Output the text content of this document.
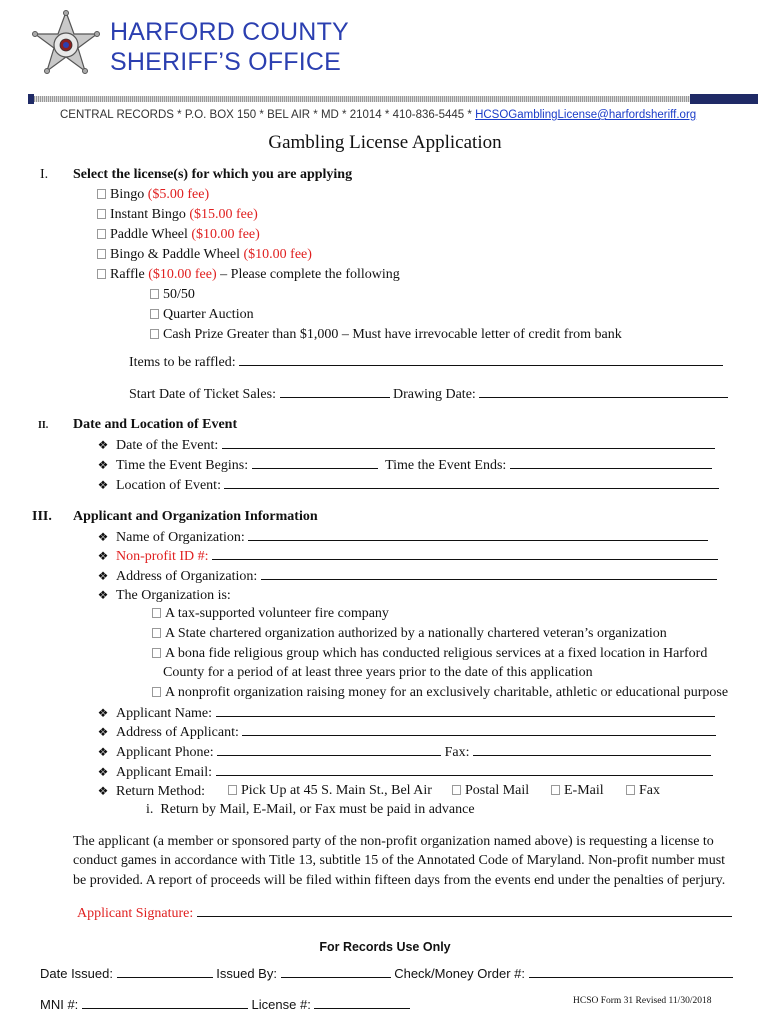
HARFORD COUNTY
SHERIFF’S OFFICE
CENTRAL RECORDS * P.O. BOX 150 * BEL AIR * MD * 21014 * 410-836-5445 * HCSOGamblingLicense@harfordsheriff.org
Gambling License Application
I. Select the license(s) for which you are applying
Bingo ($5.00 fee)
Instant Bingo ($15.00 fee)
Paddle Wheel ($10.00 fee)
Bingo & Paddle Wheel ($10.00 fee)
Raffle ($10.00 fee) – Please complete the following
50/50
Quarter Auction
Cash Prize Greater than $1,000 – Must have irrevocable letter of credit from bank
Items to be raffled:
Start Date of Ticket Sales:	Drawing Date:
II. Date and Location of Event
❖ Date of the Event:
❖ Time the Event Begins:	Time the Event Ends:
❖ Location of Event:
III. Applicant and Organization Information
❖ Name of Organization:
❖ Non-profit ID #:
❖ Address of Organization:
❖ The Organization is:
A tax-supported volunteer fire company
A State chartered organization authorized by a nationally chartered veteran’s organization
A bona fide religious group which has conducted religious services at a fixed location in Harford
County for a period of at least three years prior to the date of this application
A nonprofit organization raising money for an exclusively charitable, athletic or educational purpose
❖ Applicant Name:
❖ Address of Applicant:
❖ Applicant Phone:	Fax:
❖ Applicant Email:
❖ Return Method:	Pick Up at 45 S. Main St., Bel Air	Postal Mail	E-Mail	Fax
i. Return by Mail, E-Mail, or Fax must be paid in advance
The applicant (a member or sponsored party of the non-profit organization named above) is requesting a license to
conduct games in accordance with Title 13, subtitle 15 of the Annotated Code of Maryland. Non-profit number must
be provided. A report of proceeds will be filed within fifteen days from the events end under the penalties of perjury.
Applicant Signature:
For Records Use Only
Date Issued:	Issued By:	Check/Money Order #:
MNI #:	License #:	HCSO Form 31 Revised 11/30/2018
